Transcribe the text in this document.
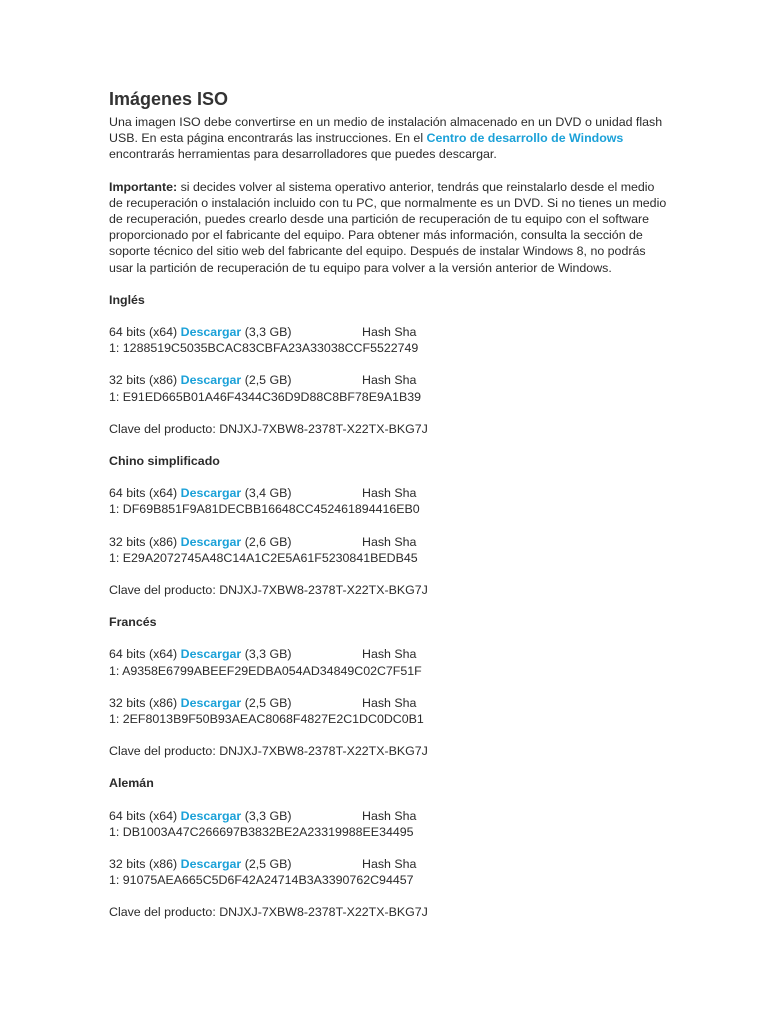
Imágenes ISO

Una imagen ISO debe convertirse en un medio de instalación almacenado en un DVD o unidad flash USB. En esta página encontrarás las instrucciones. En el Centro de desarrollo de Windows encontrarás herramientas para desarrolladores que puedes descargar.

Importante: si decides volver al sistema operativo anterior, tendrás que reinstalarlo desde el medio de recuperación o instalación incluido con tu PC, que normalmente es un DVD. Si no tienes un medio de recuperación, puedes crearlo desde una partición de recuperación de tu equipo con el software proporcionado por el fabricante del equipo. Para obtener más información, consulta la sección de soporte técnico del sitio web del fabricante del equipo. Después de instalar Windows 8, no podrás usar la partición de recuperación de tu equipo para volver a la versión anterior de Windows.

Inglés

64 bits (x64) Descargar (3,3 GB)	Hash Sha
1: 1288519C5035BCAC83CBFA23A33038CCF5522749
32 bits (x86) Descargar (2,5 GB)	Hash Sha
1: E91ED665B01A46F4344C36D9D88C8BF78E9A1B39

Clave del producto: DNJXJ-7XBW8-2378T-X22TX-BKG7J

Chino simplificado

64 bits (x64) Descargar (3,4 GB)	Hash Sha
1: DF69B851F9A81DECBB16648CC452461894416EB0
32 bits (x86) Descargar (2,6 GB)	Hash Sha
1: E29A2072745A48C14A1C2E5A61F5230841BEDB45

Clave del producto: DNJXJ-7XBW8-2378T-X22TX-BKG7J

Francés

64 bits (x64) Descargar (3,3 GB)	Hash Sha
1: A9358E6799ABEEF29EDBA054AD34849C02C7F51F
32 bits (x86) Descargar (2,5 GB)	Hash Sha
1: 2EF8013B9F50B93AEAC8068F4827E2C1DC0DC0B1

Clave del producto: DNJXJ-7XBW8-2378T-X22TX-BKG7J

Alemán

64 bits (x64) Descargar (3,3 GB)	Hash Sha
1: DB1003A47C266697B3832BE2A23319988EE34495
32 bits (x86) Descargar (2,5 GB)	Hash Sha
1: 91075AEA665C5D6F42A24714B3A3390762C94457

Clave del producto: DNJXJ-7XBW8-2378T-X22TX-BKG7J
